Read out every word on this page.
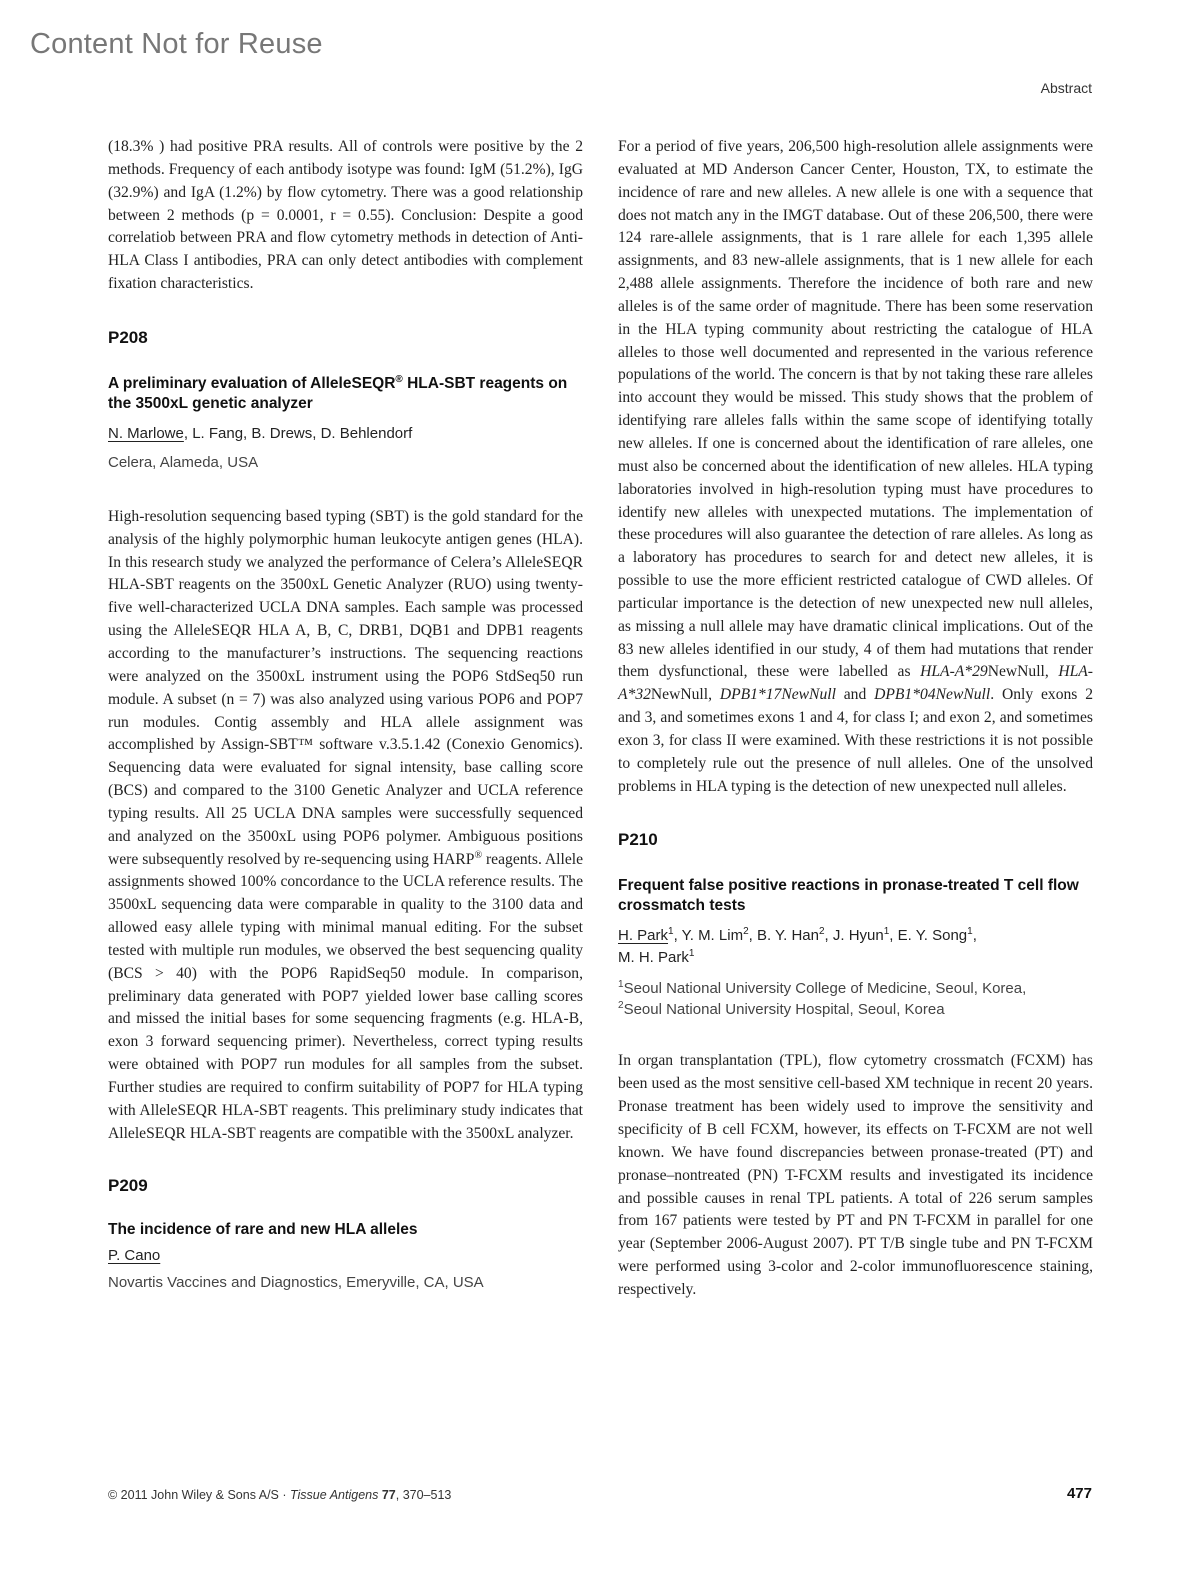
Content Not for Reuse
Abstract

(18.3% ) had positive PRA results. All of controls were positive by the 2 methods. Frequency of each antibody isotype was found: IgM (51.2%), IgG (32.9%) and IgA (1.2%) by flow cytometry. There was a good relationship between 2 methods (p = 0.0001, r = 0.55). Conclusion: Despite a good correlatiob between PRA and flow cytometry methods in detection of Anti-HLA Class I antibodies, PRA can only detect antibodies with complement fixation characteristics.

P208
A preliminary evaluation of AlleleSEQR® HLA-SBT reagents on the 3500xL genetic analyzer

N. Marlowe, L. Fang, B. Drews, D. Behlendorf

Celera, Alameda, USA

High-resolution sequencing based typing (SBT) is the gold standard for the analysis of the highly polymorphic human leukocyte antigen genes (HLA). In this research study we analyzed the performance of Celera’s AlleleSEQR HLA-SBT reagents on the 3500xL Genetic Analyzer (RUO) using twenty-five well-characterized UCLA DNA samples. Each sample was processed using the AlleleSEQR HLA A, B, C, DRB1, DQB1 and DPB1 reagents according to the manufacturer’s instructions. The sequencing reactions were analyzed on the 3500xL instrument using the POP6 StdSeq50 run module. A subset (n = 7) was also analyzed using various POP6 and POP7 run modules. Contig assembly and HLA allele assignment was accomplished by Assign-SBT™ software v.3.5.1.42 (Conexio Genomics). Sequencing data were evaluated for signal intensity, base calling score (BCS) and compared to the 3100 Genetic Analyzer and UCLA reference typing results. All 25 UCLA DNA samples were successfully sequenced and analyzed on the 3500xL using POP6 polymer. Ambiguous positions were subsequently resolved by re-sequencing using HARP® reagents. Allele assignments showed 100% concordance to the UCLA reference results. The 3500xL sequencing data were comparable in quality to the 3100 data and allowed easy allele typing with minimal manual editing. For the subset tested with multiple run modules, we observed the best sequencing quality (BCS > 40) with the POP6 RapidSeq50 module. In comparison, preliminary data generated with POP7 yielded lower base calling scores and missed the initial bases for some sequencing fragments (e.g. HLA-B, exon 3 forward sequencing primer). Nevertheless, correct typing results were obtained with POP7 run modules for all samples from the subset. Further studies are required to confirm suitability of POP7 for HLA typing with AlleleSEQR HLA-SBT reagents. This preliminary study indicates that AlleleSEQR HLA-SBT reagents are compatible with the 3500xL analyzer.

P209
The incidence of rare and new HLA alleles

P. Cano

Novartis Vaccines and Diagnostics, Emeryville, CA, USA

For a period of five years, 206,500 high-resolution allele assignments were evaluated at MD Anderson Cancer Center, Houston, TX, to estimate the incidence of rare and new alleles. A new allele is one with a sequence that does not match any in the IMGT database. Out of these 206,500, there were 124 rare-allele assignments, that is 1 rare allele for each 1,395 allele assignments, and 83 new-allele assignments, that is 1 new allele for each 2,488 allele assignments. Therefore the incidence of both rare and new alleles is of the same order of magnitude. There has been some reservation in the HLA typing community about restricting the catalogue of HLA alleles to those well documented and represented in the various reference populations of the world. The concern is that by not taking these rare alleles into account they would be missed. This study shows that the problem of identifying rare alleles falls within the same scope of identifying totally new alleles. If one is concerned about the identification of rare alleles, one must also be concerned about the identification of new alleles. HLA typing laboratories involved in high-resolution typing must have procedures to identify new alleles with unexpected mutations. The implementation of these procedures will also guarantee the detection of rare alleles. As long as a laboratory has procedures to search for and detect new alleles, it is possible to use the more efficient restricted catalogue of CWD alleles. Of particular importance is the detection of new unexpected new null alleles, as missing a null allele may have dramatic clinical implications. Out of the 83 new alleles identified in our study, 4 of them had mutations that render them dysfunctional, these were labelled as HLA-A*29NewNull, HLA-A*32NewNull, DPB1*17NewNull and DPB1*04NewNull. Only exons 2 and 3, and sometimes exons 1 and 4, for class I; and exon 2, and sometimes exon 3, for class II were examined. With these restrictions it is not possible to completely rule out the presence of null alleles. One of the unsolved problems in HLA typing is the detection of new unexpected null alleles.

P210
Frequent false positive reactions in pronase-treated T cell flow crossmatch tests

H. Park$^1$, Y. M. Lim$^2$, B. Y. Han$^2$, J. Hyun$^1$, E. Y. Song$^1$,
M. H. Park$^1$

$^1$Seoul National University College of Medicine, Seoul, Korea,
$^2$Seoul National University Hospital, Seoul, Korea

In organ transplantation (TPL), flow cytometry crossmatch (FCXM) has been used as the most sensitive cell-based XM technique in recent 20 years. Pronase treatment has been widely used to improve the sensitivity and specificity of B cell FCXM, however, its effects on T-FCXM are not well known. We have found discrepancies between pronase-treated (PT) and pronase–nontreated (PN) T-FCXM results and investigated its incidence and possible causes in renal TPL patients. A total of 226 serum samples from 167 patients were tested by PT and PN T-FCXM in parallel for one year (September 2006-August 2007). PT T/B single tube and PN T-FCXM were performed using 3-color and 2-color immunofluorescence staining, respectively.

© 2011 John Wiley & Sons A/S · Tissue Antigens 77, 370–513	477
